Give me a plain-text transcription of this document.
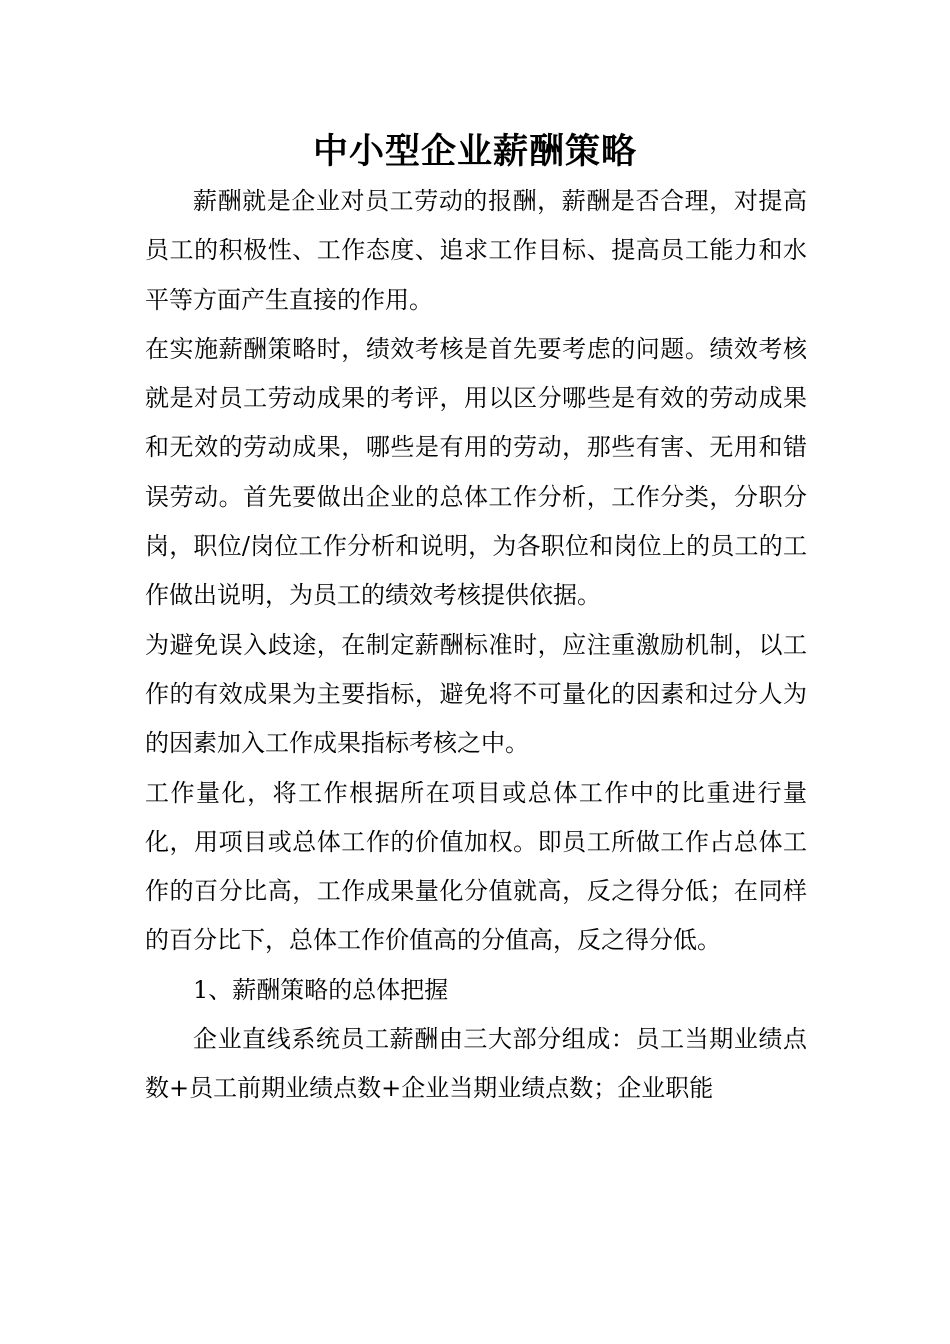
中小型企业薪酬策略

薪酬就是企业对员工劳动的报酬，薪酬是否合理，对提高员工的积极性、工作态度、追求工作目标、提高员工能力和水平等方面产生直接的作用。

在实施薪酬策略时，绩效考核是首先要考虑的问题。绩效考核就是对员工劳动成果的考评，用以区分哪些是有效的劳动成果和无效的劳动成果，哪些是有用的劳动，那些有害、无用和错误劳动。首先要做出企业的总体工作分析，工作分类，分职分岗，职位/岗位工作分析和说明，为各职位和岗位上的员工的工作做出说明，为员工的绩效考核提供依据。

为避免误入歧途，在制定薪酬标准时，应注重激励机制，以工作的有效成果为主要指标，避免将不可量化的因素和过分人为的因素加入工作成果指标考核之中。

工作量化，将工作根据所在项目或总体工作中的比重进行量化，用项目或总体工作的价值加权。即员工所做工作占总体工作的百分比高，工作成果量化分值就高，反之得分低；在同样的百分比下，总体工作价值高的分值高，反之得分低。

1、薪酬策略的总体把握

企业直线系统员工薪酬由三大部分组成：员工当期业绩点数+员工前期业绩点数+企业当期业绩点数；企业职能
